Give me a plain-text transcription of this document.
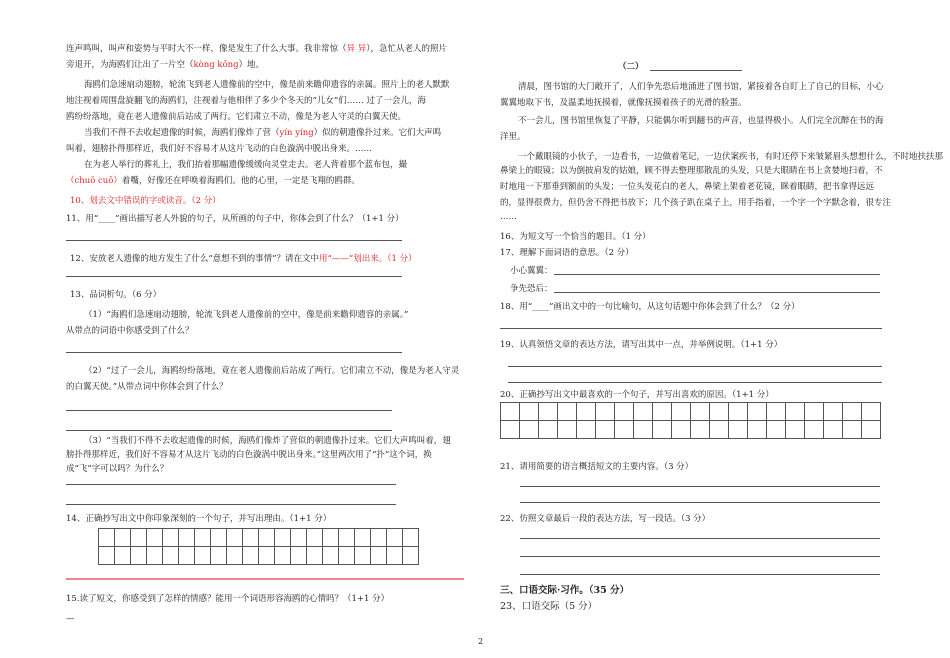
连声鸣叫，叫声和姿势与平时大不一样，像是发生了什么大事。我非常惊（异 异），急忙从老人的照片
旁退开，为海鸥们让出了一片空（kòng kōng）地。
海鸥们急速扇动翅膀，轮流飞到老人遗像前的空中，像是前来瞻仰遗容的亲属。照片上的老人默默
地注视着周围盘旋翻飞的海鸥们，注视着与他相伴了多少个冬天的“儿女”们…… 过了一会儿，海
鸥纷纷落地，竟在老人遗像前后站成了两行。它们肃立不动，像是为老人守灵的白翼天使。
当我们不得不去收起遗像的时候，海鸥们像炸了营（yín yíng）似的朝遗像扑过来。它们大声鸣
叫着，翅膀扑得那样近，我们好不容易才从这片飞动的白色漩涡中脱出身来。……
在为老人举行的葬礼上，我们抬着那幅遗像缓缓向灵堂走去。老人背着那个蓝布包，撮
（chuō cuō）着嘴，好像还在呼唤着海鸥们。他的心里，一定是飞翔的鸥群。
10、划去文中错误的字或读音。（2 分）
11、用“____”画出描写老人外貌的句子，从所画的句子中，你体会到了什么？（1+1 分）
12、安放老人遗像的地方发生了什么“意想不到的事情”？请在文中用“——”划出来。（1 分）
13、品词析句。（6 分）
（1）“海鸥们急速扇动翅膀，轮流飞到老人遗像前的空中，像是前来瞻仰遗容的亲属。”
从带点的词语中你感受到了什么？
（2）“过了一会儿，海鸥纷纷落地，竟在老人遗像前后站成了两行。它们肃立不动，像是为老人守灵
的白翼天使。”从带点词中你体会到了什么？
（3）“当我们不得不去收起遗像的时候，海鸥们像炸了营似的朝遗像扑过来。它们大声鸣叫着，翅
膀扑得那样近，我们好不容易才从这片飞动的白色漩涡中脱出身来。”这里两次用了“扑”这个词，换
成“飞”字可以吗？为什么？
14、正确抄写出文中你印象深刻的一个句子，并写出理由。（1+1 分）
15.读了短文，你感受到了怎样的情感？能用一个词语形容海鸥的心情吗？（1+1 分）
—
（二）
清晨，图书馆的大门敞开了，人们争先恐后地涌进了图书馆，紧接着各自盯上了自己的目标，小心
翼翼地取下书，及温柔地抚摸着，就像抚摸着孩子的光滑的脸蛋。
不一会儿，图书馆里恢复了平静，只能偶尔听到翻书的声音，也显得极小。人们完全沉醉在书的海
洋里。
一个戴眼镜的小伙子，一边看书，一边做着笔记，一边伏案疾书，有时还停下来皱紧眉头想想什么，不时地扶扶那
鼻梁上的眼镜；以为倒披肩发的姑娘，顾不得去整理那散乱的头发，只是大眼睛在书上贪婪地扫着，不
时地甩一下那垂到额前的头发；一位头发花白的老人，鼻梁上架着老花镜，眯着眼睛，把书拿得远远
的，显得很费力，但仍舍不得把书放下；几个孩子趴在桌子上，用手指着，一个字一个字默念着，很专注
……
16、为短文写一个恰当的题目。（1 分）
17、理解下面词语的意思。（2 分）
小心翼翼：
争先恐后：
18、用“____”画出文中的一句比喻句，从这句话题中你体会到了什么？（2 分）
19、认真领悟文章的表达方法，请写出其中一点，并举例说明。（1+1 分）
20、正确抄写出文中最喜欢的一个句子，并写出喜欢的原因。（1+1 分）
21、请用简要的语言概括短文的主要内容。（3 分）
22、仿照文章最后一段的表达方法，写一段话。（3 分）
三、口语交际·习作。（35 分）
23、口语交际（5 分）
2
